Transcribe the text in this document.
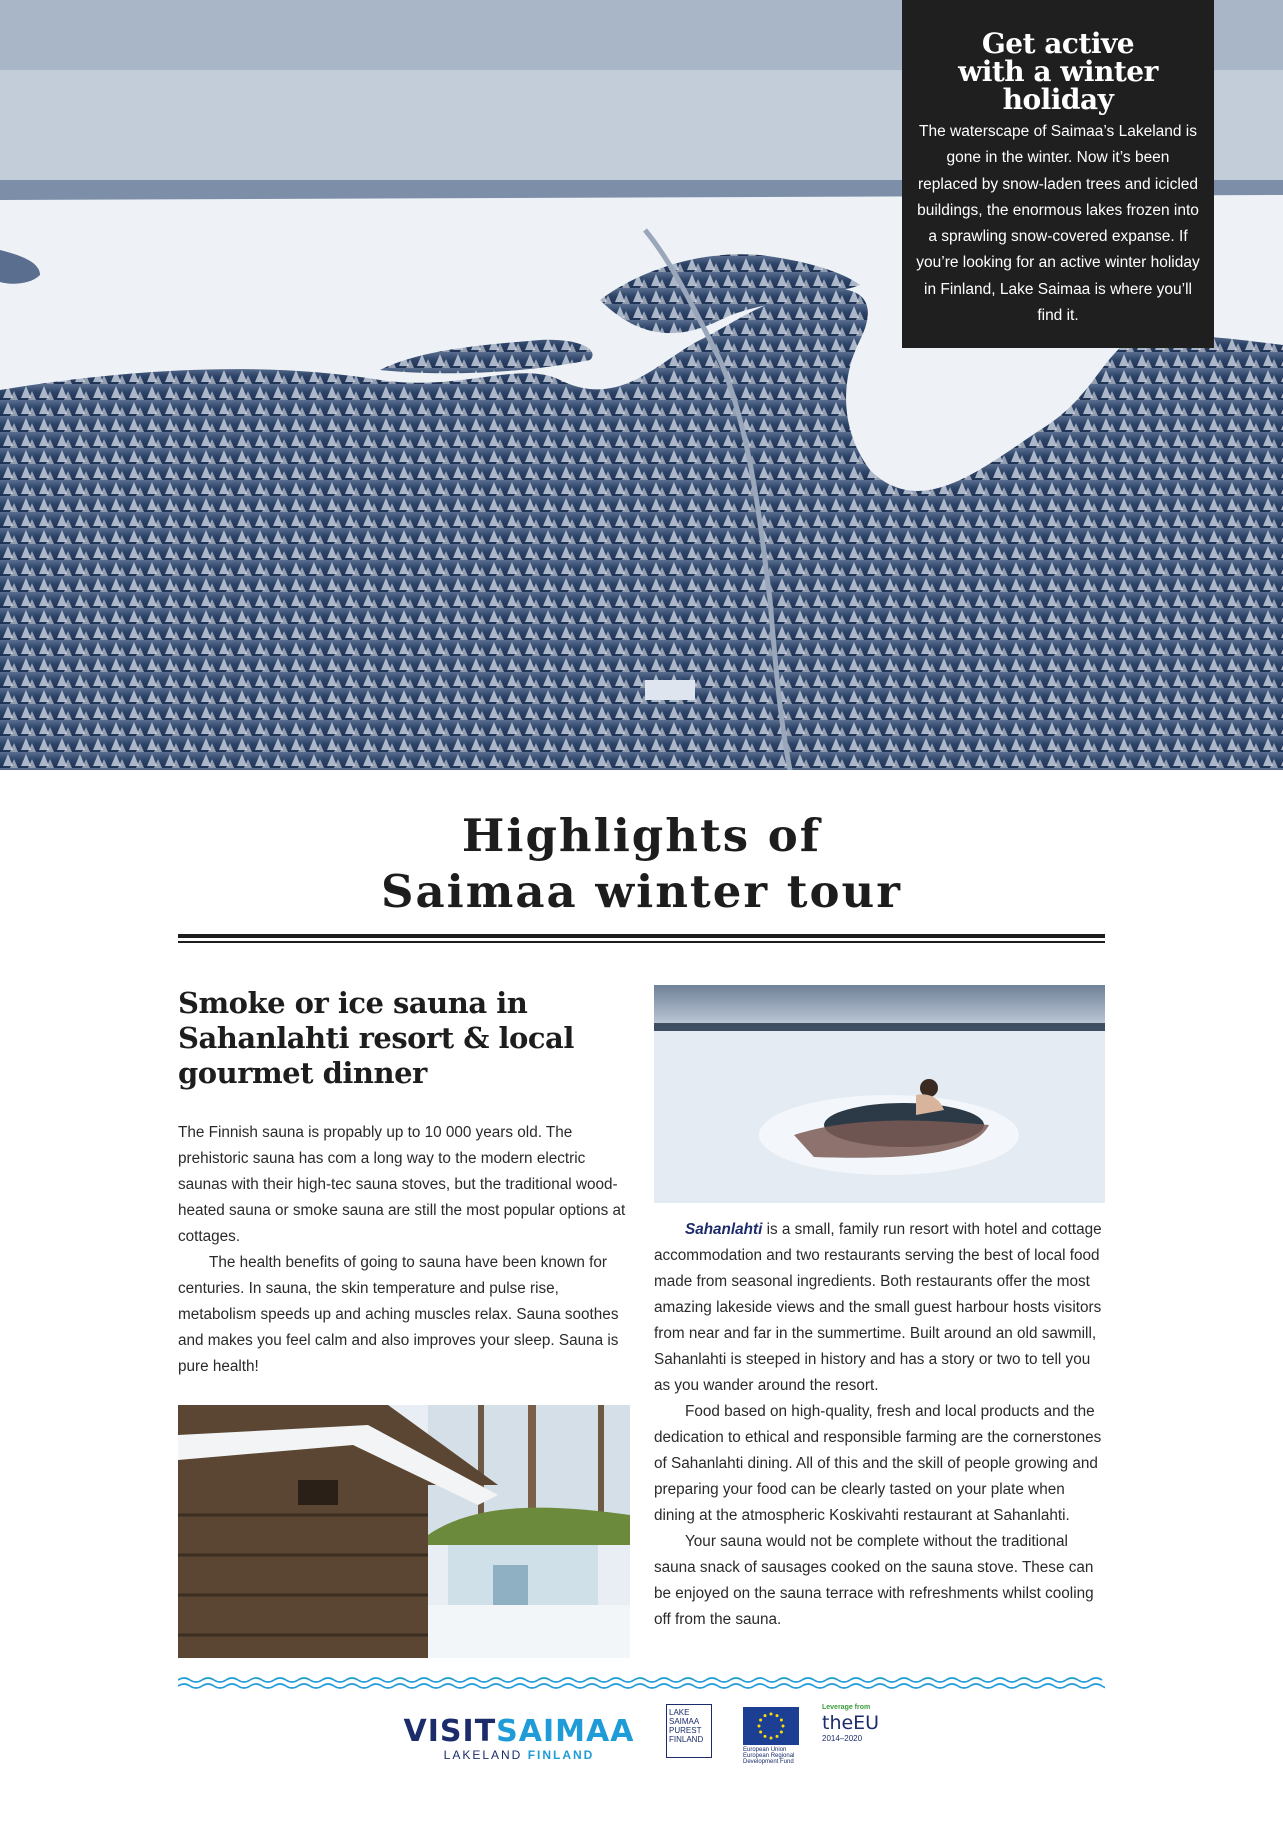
Get active
with a winter
holiday

The waterscape of Saimaa’s Lakeland is gone in the winter. Now it’s been replaced by snow-laden trees and icicled buildings, the enormous lakes frozen into a sprawling snow-covered expanse. If you’re looking for an active winter holiday in Finland, Lake Saimaa is where you’ll find it.

Highlights of
Saimaa winter tour
Smoke or ice sauna in Sahanlahti resort & local gourmet dinner

The Finnish sauna is propably up to 10 000 years old. The prehistoric sauna has com a long way to the modern electric saunas with their high-tec sauna stoves, but the traditional wood-heated sauna or smoke sauna are still the most popular options at cottages.

The health benefits of going to sauna have been known for centuries. In sauna, the skin temperature and pulse rise, metabolism speeds up and aching muscles relax. Sauna soothes and makes you feel calm and also improves your sleep. Sauna is pure health!

Sahanlahti is a small, family run resort with hotel and cottage accommodation and two restaurants serving the best of local food made from seasonal ingredients. Both restaurants offer the most amazing lakeside views and the small guest harbour hosts visitors from near and far in the summertime. Built around an old sawmill, Sahanlahti is steeped in history and has a story or two to tell you as you wander around the resort.

Food based on high-quality, fresh and local products and the dedication to ethical and responsible farming are the cornerstones of Sahanlahti dining. All of this and the skill of people growing and preparing your food can be clearly tasted on your plate when dining at the atmospheric Koskivahti restaurant at Sahanlahti.

Your sauna would not be complete without the traditional sauna snack of sausages cooked on the sauna stove. These can be enjoyed on the sauna terrace with refreshments whilst cooling off from the sauna.

VISITSAIMAA
LAKELAND FINLAND
LAKE
SAIMAA
PUREST
FINLAND
European Union
European Regional Development Fund
Leverage from
theEU
2014–2020
